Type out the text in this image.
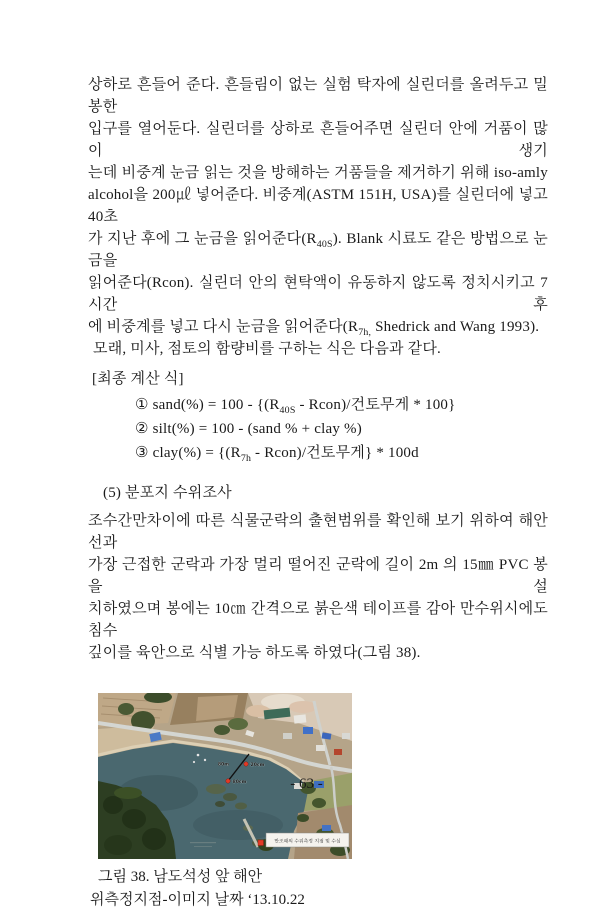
상하로 흔들어 준다. 흔들림이 없는 실험 탁자에 실린더를 올려두고 밀봉한
입구를 열어둔다. 실린더를 상하로 흔들어주면 실린더 안에 거품이 많이 생기
는데 비중계 눈금 읽는 것을 방해하는 거품들을 제거하기 위해 iso-amly
alcohol을 200㎕ 넣어준다. 비중계(ASTM 151H, USA)를 실린더에 넣고 40초
가 지난 후에 그 눈금을 읽어준다$(R_{40S})$. Blank 시료도 같은 방법으로 눈금을
읽어준다(Rcon). 실린더 안의 현탁액이 유동하지 않도록 정치시키고 7시간 후
에 비중계를 넣고 다시 눈금을 읽어준다($R_{7h,}$ Shedrick and Wang 1993).
모래, 미사, 점토의 함량비를 구하는 식은 다음과 같다.
[최종 계산 식]
① sand(%) = $100 - \{(R_{40S}$ - Rcon)/건토무게 * 100}
② silt(%) = 100 - (sand % + clay %)
③ clay(%) = {($R_{7h}$ - Rcon)/건토무게} * 100d
(5) 분포지 수위조사
조수간만차이에 따른 식물군락의 출현범위를 확인해 보기 위하여 해안선과
가장 근접한 군락과 가장 멀리 떨어진 군락에 길이 2m 의 15㎜ PVC 봉을 설
치하였으며 봉에는 10㎝ 간격으로 붉은색 테이프를 감아 만수위시에도 침수
깊이를 육안으로 식별 가능 하도록 하였다(그림 38).
80m	20cm
80cm
만조때의 수위측정 지점 및 수심
그림 38. 남도석성 앞 해안
위측정지점-이미지 날짜 ‘13.10.22
- 63 -
